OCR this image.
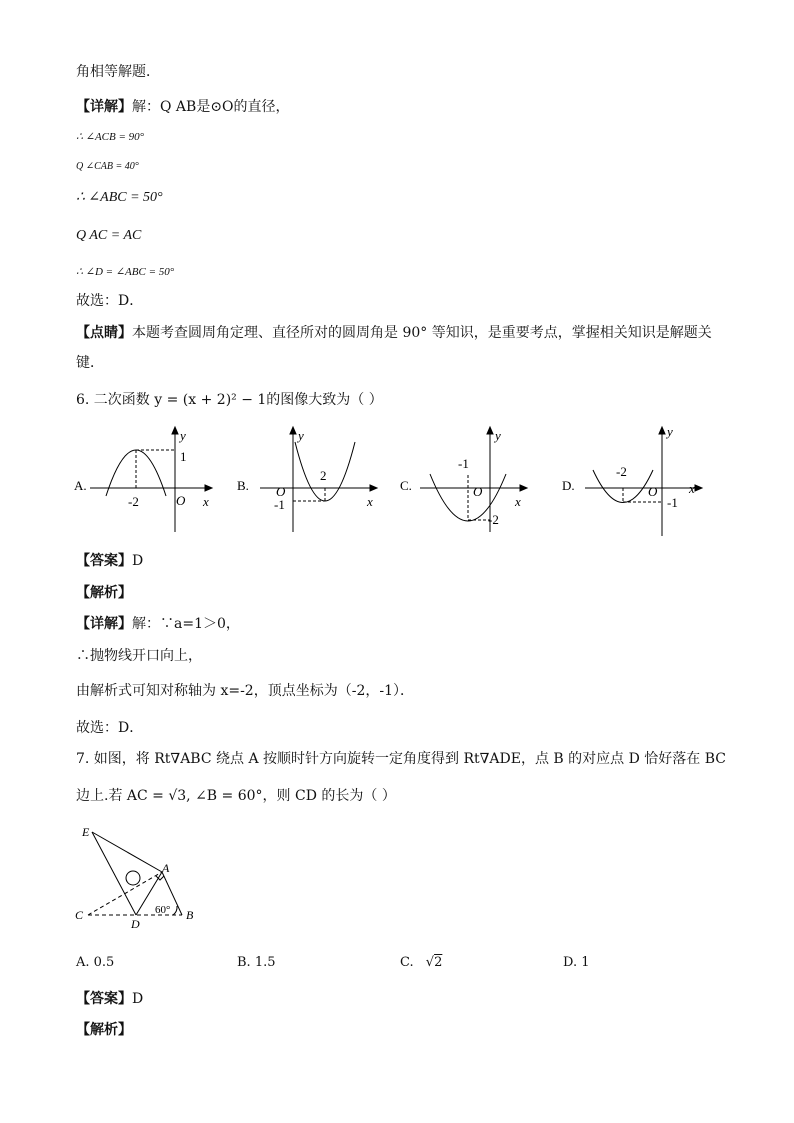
角相等解题．
【详解】解：Q AB是⊙O的直径，
∴ ∠ACB = 90°
Q ∠CAB = 40°
∴ ∠ABC = 50°
Q AC = AC
∴ ∠D = ∠ABC = 50°
故选：D．
【点睛】本题考查圆周角定理、直径所对的圆周角是 90° 等知识，是重要考点，掌握相关知识是解题关
键．
6. 二次函数 y = (x + 2)² − 1的图像大致为（ ）
A.
1
-2	O x
y
B.
2
-1
O
x
y
C.
-1
-2
O
x
y
D.
-2
-1
O x
y
【答案】D
【解析】
【详解】解：∵a=1＞0，
∴抛物线开口向上，
由解析式可知对称轴为 x=-2，顶点坐标为（-2，-1）．
故选：D．
7. 如图，将 Rt∇ABC 绕点 A 按顺时针方向旋转一定角度得到 Rt∇ADE，点 B 的对应点 D 恰好落在 BC
边上.若 AC = √3, ∠B = 60°，则 CD 的长为（ ）
E
A
C
D
B
60°
A. 0.5	B. 1.5	C. √2	D. 1
【答案】D
【解析】
